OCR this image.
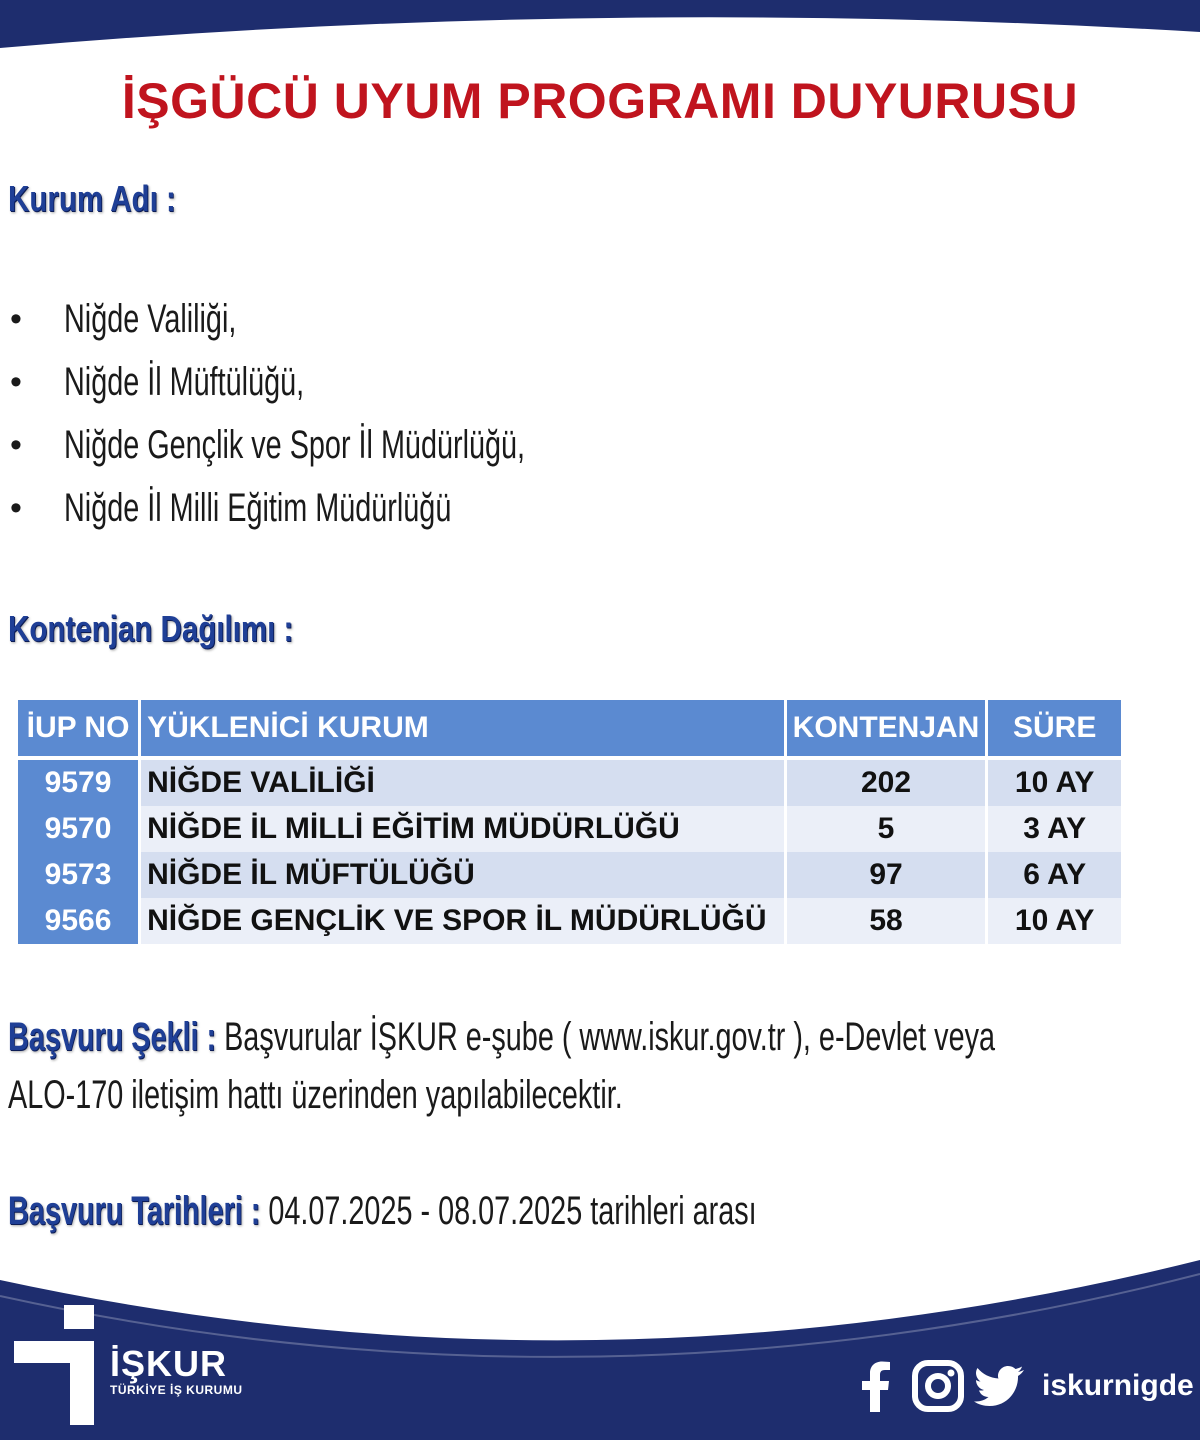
İŞGÜCÜ UYUM PROGRAMI DUYURUSU
Kurum Adı :
• Niğde Valiliği,
• Niğde İl Müftülüğü,
• Niğde Gençlik ve Spor İl Müdürlüğü,
• Niğde İl Milli Eğitim Müdürlüğü
Kontenjan Dağılımı :
İUP NO	YÜKLENİCİ KURUM	KONTENJAN	SÜRE

9579	NİĞDE VALİLİĞİ	202	10 AY
9570	NİĞDE İL MİLLİ EĞİTİM MÜDÜRLÜĞÜ	5	3 AY
9573	NİĞDE İL MÜFTÜLÜĞÜ	97	6 AY
9566	NİĞDE GENÇLİK VE SPOR İL MÜDÜRLÜĞÜ	58	10 AY
Başvuru Şekli : Başvurular İŞKUR e-şube ( www.iskur.gov.tr ), e-Devlet veya
ALO-170 iletişim hattı üzerinden yapılabilecektir.
Başvuru Tarihleri : 04.07.2025 - 08.07.2025 tarihleri arası
İŞKUR
TÜRKİYE İŞ KURUMU	iskurnigde
